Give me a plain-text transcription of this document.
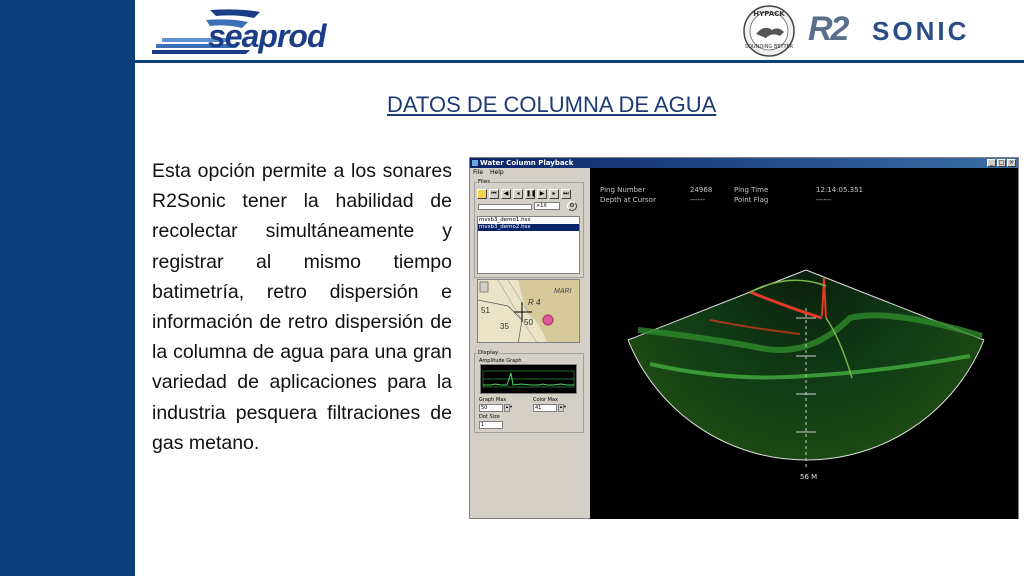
seaprod
HYPACK
SOUNDING BETTER R2 SONIC
DATOS DE COLUMNA DE AGUA
Esta opción permite a los sonares R2Sonic tener la habilidad de recolectar simultáneamente y registrar al mismo tiempo batimetría, retro dispersión e información de retro dispersión de la columna de agua para una gran variedad de aplicaciones para la industria pesquera filtraciones de gas metano.
Water Column Playback	_ □ ×
File Help
Files
⏮	◀	◂	❚❚ ▶	▸	⏭
×1X	⚙
mvsb3_demo1.hsx
mvsb3_demo2.hsx
51
50
35
R 4
MARI
Display
Amplitude Graph
Graph Max
50	▲▼
Color Max
41	▲▼
Dot Size
1
Ping Number	24968	Ping Time	12:14:05.351
Depth at Cursor	------	Point Flag	------
56 M
